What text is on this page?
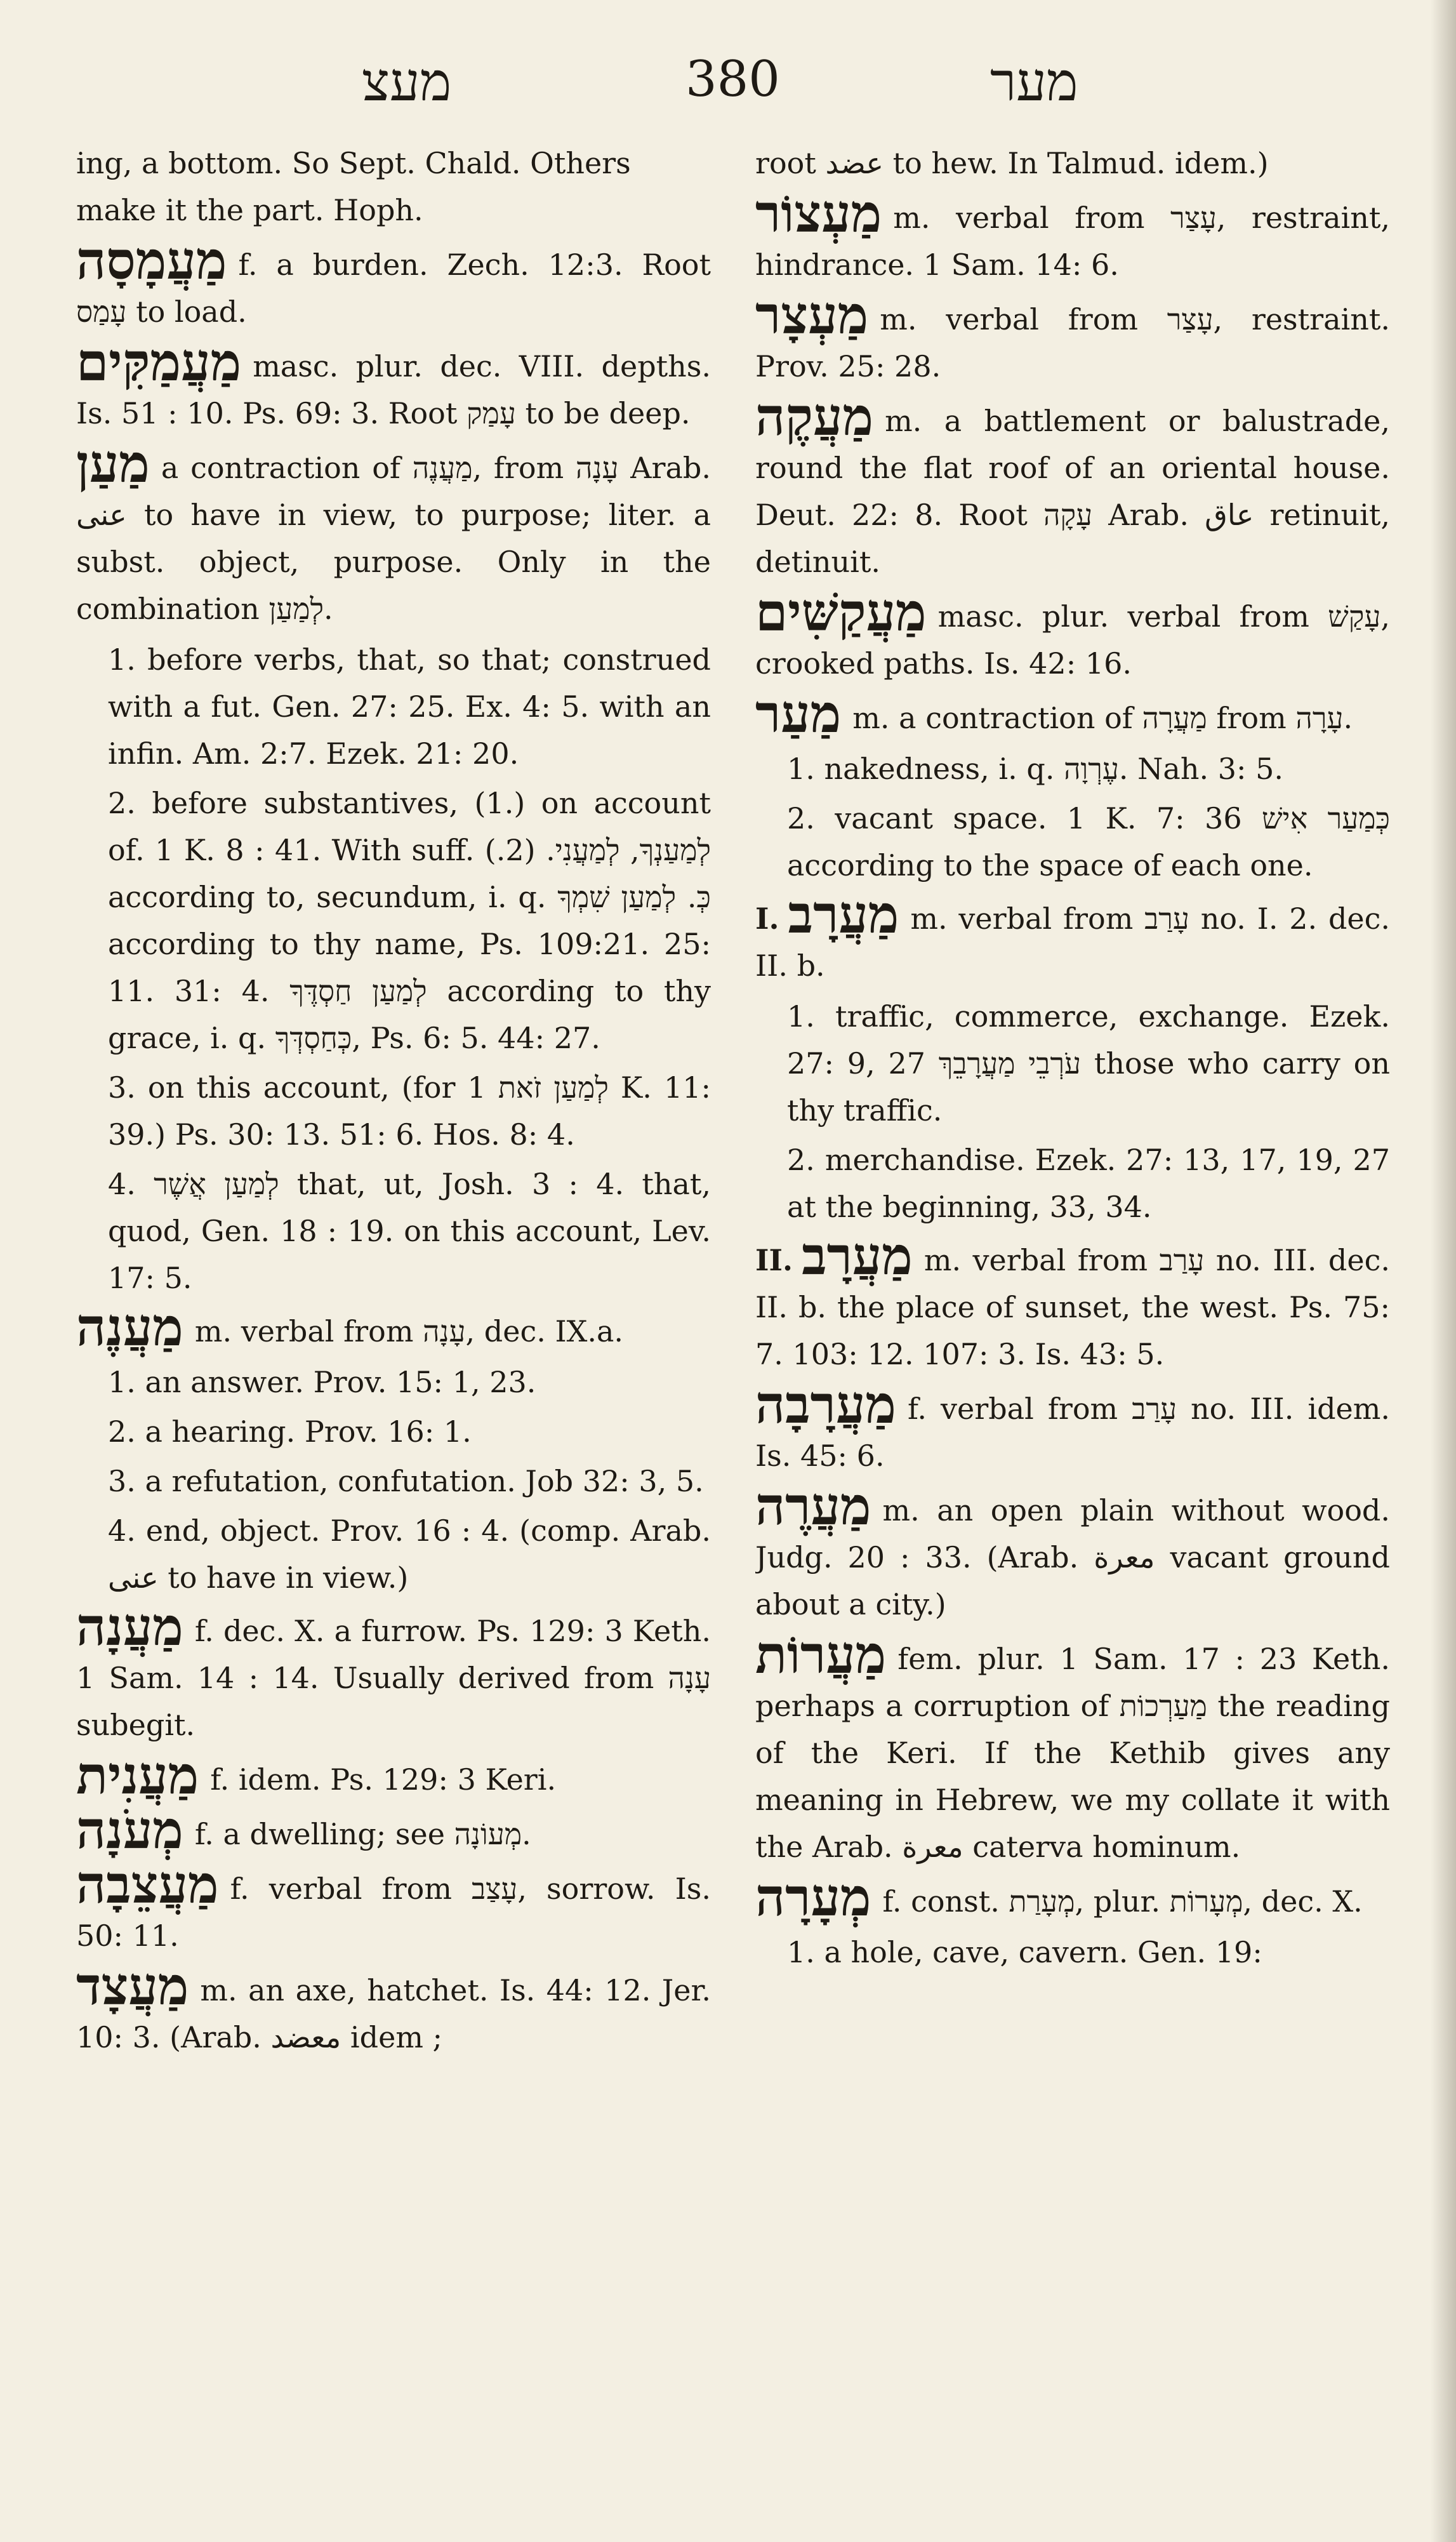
מעצ	380	מער
ing, a bottom. So Sept. Chald. Others make it the part. Hoph.
מַעֲמָסָה f. a burden. Zech. 12:3. Root עָמַס to load.
מַעֲמַקִּים masc. plur. dec. VIII. depths. Is. 51 : 10. Ps. 69: 3. Root עָמַק to be deep.
מַעַן a contraction of מַעֲנֶה, from עָנָה Arab. عنى to have in view, to purpose; liter. a subst. object, purpose. Only in the combination לְמַעַן.
1. before verbs, that, so that; construed with a fut. Gen. 27: 25. Ex. 4: 5. with an infin. Am. 2:7. Ezek. 21: 20.
2. before substantives, (1.) on account of. 1 K. 8 : 41. With suff. לְמַעַנְךָ, לְמַעֲנִי. (2.) according to, secundum, i. q. כְּ. לְמַעַן שִׁמְךָ according to thy name, Ps. 109:21. 25: 11. 31: 4. לְמַעַן חַסְדֶּךָ according to thy grace, i. q. כְּחַסְדְּךָ, Ps. 6: 5. 44: 27.
3. on this account, (for לְמַעַן זֹאת 1 K. 11: 39.) Ps. 30: 13. 51: 6. Hos. 8: 4.
4. לְמַעַן אֲשֶׁר that, ut, Josh. 3 : 4. that, quod, Gen. 18 : 19. on this account, Lev. 17: 5.
מַעֲנֶה m. verbal from עָנָה, dec. IX.a.
1. an answer. Prov. 15: 1, 23.
2. a hearing. Prov. 16: 1.
3. a refutation, confutation. Job 32: 3, 5.
4. end, object. Prov. 16 : 4. (comp. Arab. عنى to have in view.)
מַעֲנָה f. dec. X. a furrow. Ps. 129: 3 Keth. 1 Sam. 14 : 14. Usually derived from עָנָה subegit.
מַעֲנִית f. idem. Ps. 129: 3 Keri.
מְעֹנָה f. a dwelling; see מְעוֹנָה.
מַעֲצֵבָה f. verbal from עָצַב, sorrow. Is. 50: 11.
מַעֲצָד m. an axe, hatchet. Is. 44: 12. Jer. 10: 3. (Arab. معضد idem ;
root عضد to hew. In Talmud. idem.)
מַעְצוֹר m. verbal from עָצַר, restraint, hindrance. 1 Sam. 14: 6.
מַעְצָר m. verbal from עָצַר, restraint. Prov. 25: 28.
מַעֲקֶה m. a battlement or balustrade, round the flat roof of an oriental house. Deut. 22: 8. Root עָקָה Arab. عاق retinuit, detinuit.
מַעֲקַשִּׁים masc. plur. verbal from עָקַשׁ, crooked paths. Is. 42: 16.
מַעַר m. a contraction of מַעֲרָה from עָרָה.
1. nakedness, i. q. עֶרְוָה. Nah. 3: 5.
2. vacant space. 1 K. 7: 36 כְּמַעַר אִישׁ according to the space of each one.
I. מַעֲרָב m. verbal from עָרַב no. I. 2. dec. II. b.
1. traffic, commerce, exchange. Ezek. 27: 9, 27 עֹרְבֵי מַעֲרָבֵךְ those who carry on thy traffic.
2. merchandise. Ezek. 27: 13, 17, 19, 27 at the beginning, 33, 34.
II. מַעֲרָב m. verbal from עָרַב no. III. dec. II. b. the place of sunset, the west. Ps. 75: 7. 103: 12. 107: 3. Is. 43: 5.
מַעֲרָבָה f. verbal from עָרַב no. III. idem. Is. 45: 6.
מַעֲרֶה m. an open plain without wood. Judg. 20 : 33. (Arab. معرة vacant ground about a city.)
מַעֲרוֹת fem. plur. 1 Sam. 17 : 23 Keth. perhaps a corruption of מַעַרְכוֹת the reading of the Keri. If the Kethib gives any meaning in Hebrew, we my collate it with the Arab. معرة caterva hominum.
מְעָרָה f. const. מְעָרַת, plur. מְעָרוֹת, dec. X.
1. a hole, cave, cavern. Gen. 19:
